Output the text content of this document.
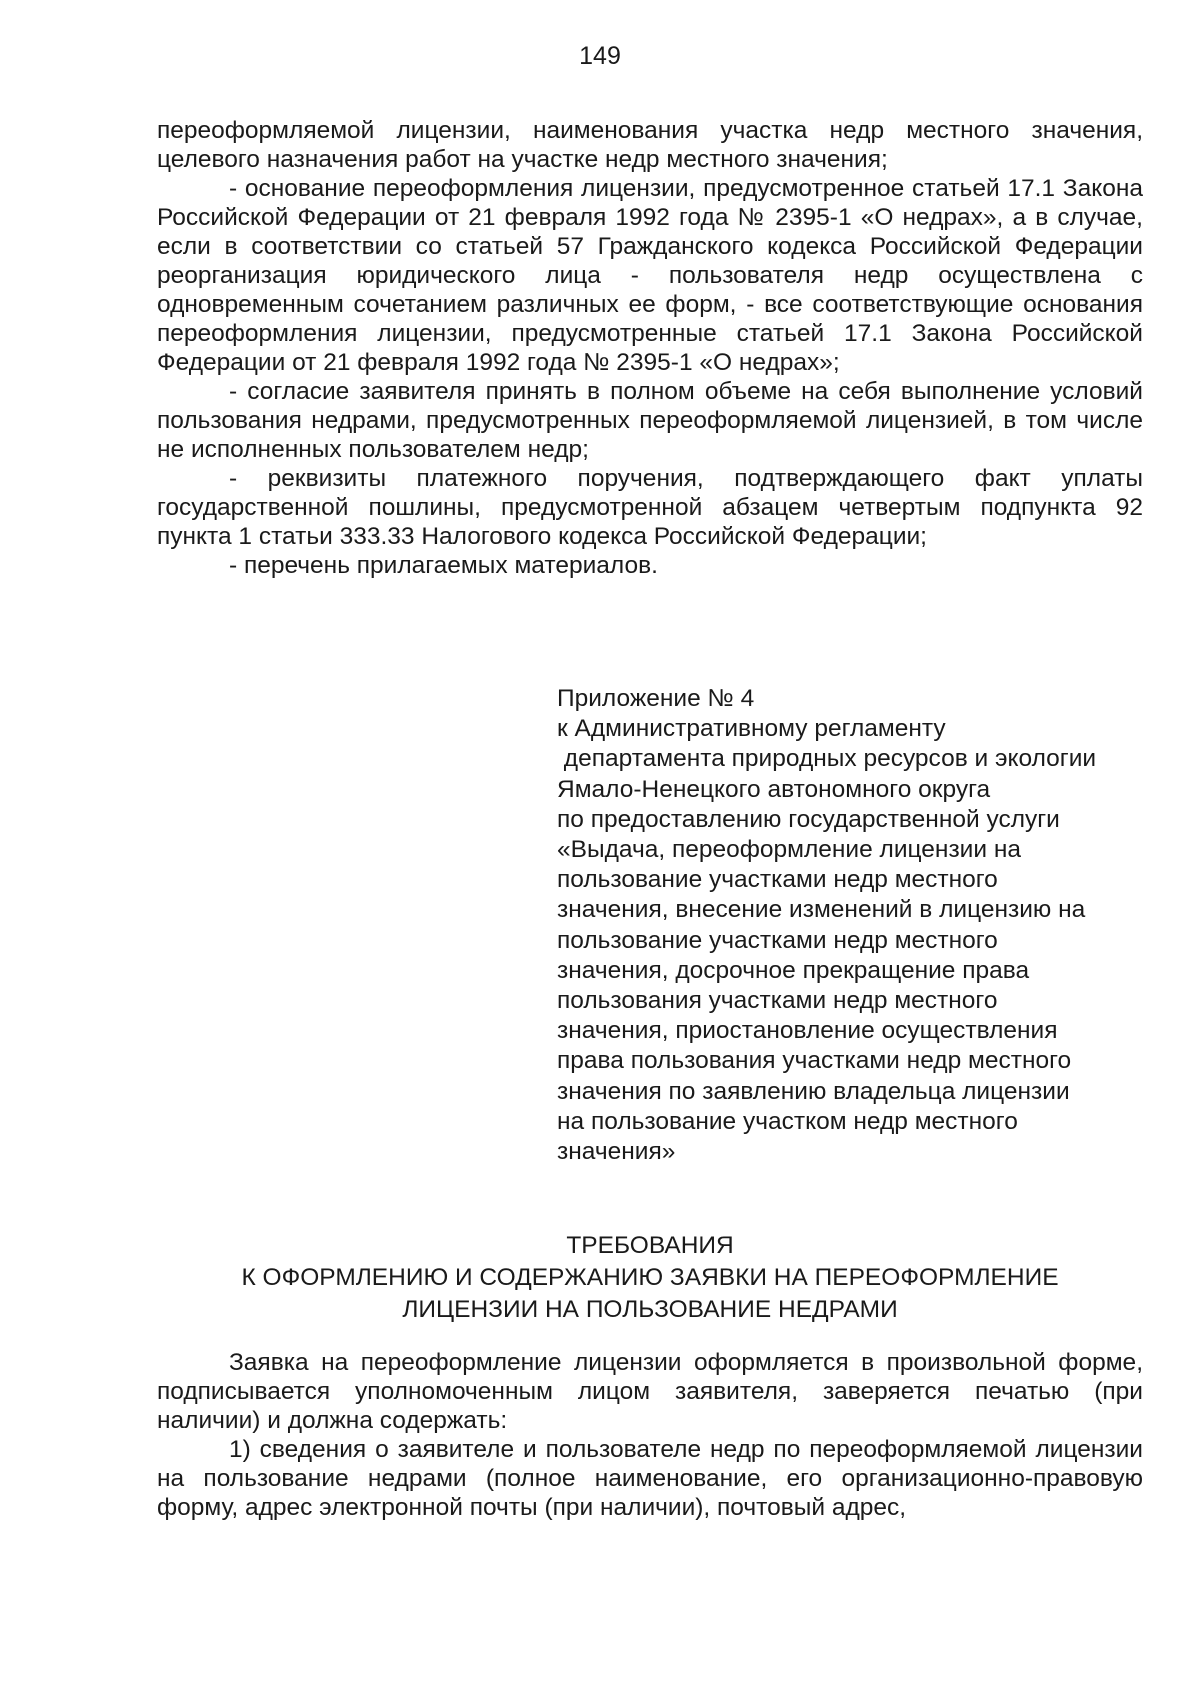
149

переоформляемой лицензии, наименования участка недр местного значения, целевого назначения работ на участке недр местного значения;

- основание переоформления лицензии, предусмотренное статьей 17.1 Закона Российской Федерации от 21 февраля 1992 года № 2395-1 «О недрах», а в случае, если в соответствии со статьей 57 Гражданского кодекса Российской Федерации реорганизация юридического лица - пользователя недр осуществлена с одновременным сочетанием различных ее форм, - все соответствующие основания переоформления лицензии, предусмотренные статьей 17.1 Закона Российской Федерации от 21 февраля 1992 года № 2395-1 «О недрах»;

- согласие заявителя принять в полном объеме на себя выполнение условий пользования недрами, предусмотренных переоформляемой лицензией, в том числе не исполненных пользователем недр;

- реквизиты платежного поручения, подтверждающего факт уплаты государственной пошлины, предусмотренной абзацем четвертым подпункта 92 пункта 1 статьи 333.33 Налогового кодекса Российской Федерации;

- перечень прилагаемых материалов.

Приложение № 4
к Административному регламенту
департамента природных ресурсов и экологии
Ямало-Ненецкого автономного округа
по предоставлению государственной услуги
«Выдача, переоформление лицензии на
пользование участками недр местного
значения, внесение изменений в лицензию на
пользование участками недр местного
значения, досрочное прекращение права
пользования участками недр местного
значения, приостановление осуществления
права пользования участками недр местного
значения по заявлению владельца лицензии
на пользование участком недр местного
значения»
ТРЕБОВАНИЯ
К ОФОРМЛЕНИЮ И СОДЕРЖАНИЮ ЗАЯВКИ НА ПЕРЕОФОРМЛЕНИЕ
ЛИЦЕНЗИИ НА ПОЛЬЗОВАНИЕ НЕДРАМИ

Заявка на переоформление лицензии оформляется в произвольной форме, подписывается уполномоченным лицом заявителя, заверяется печатью (при наличии) и должна содержать:

1) сведения о заявителе и пользователе недр по переоформляемой лицензии на пользование недрами (полное наименование, его организационно-правовую форму, адрес электронной почты (при наличии), почтовый адрес,
